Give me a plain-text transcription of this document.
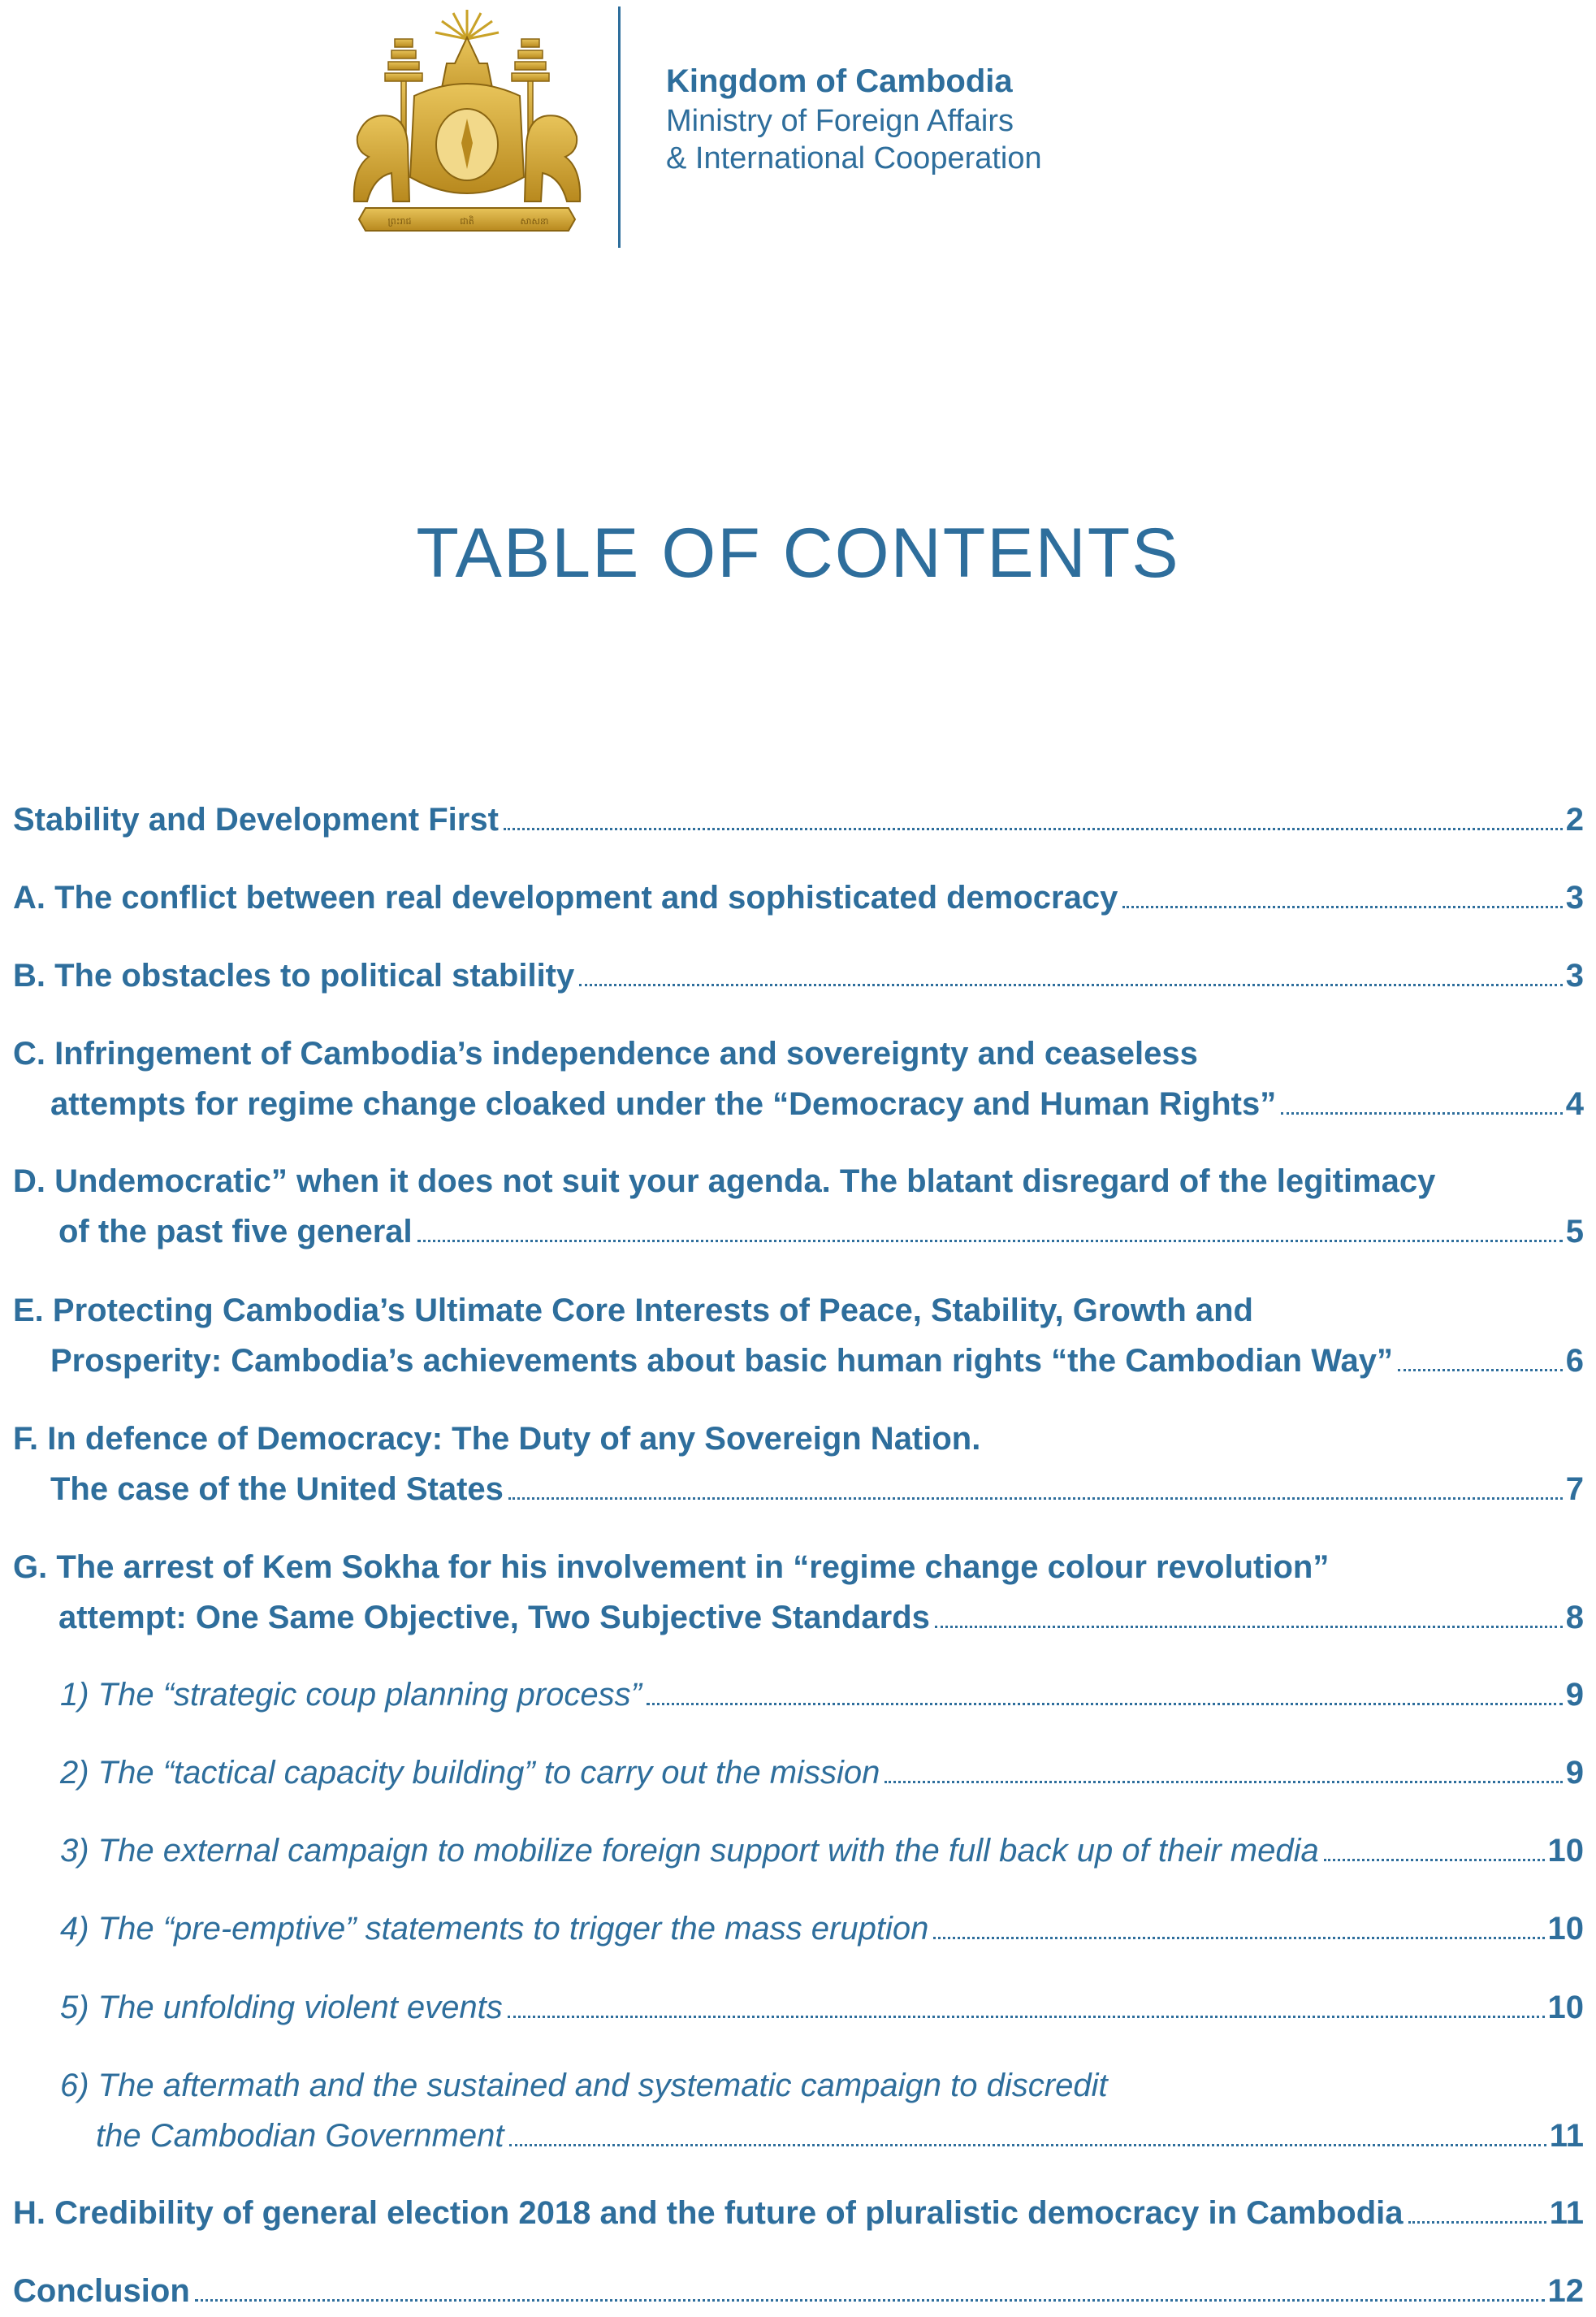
ព្រះរាជ	ជាតិ	សាសនា
Kingdom of Cambodia
Ministry of Foreign Affairs
& International Cooperation
TABLE OF CONTENTS
Stability and Development First	2
A. The conflict between real development and sophisticated democracy	3
B. The obstacles to political stability	3
C. Infringement of Cambodia’s independence and sovereignty and ceaseless
attempts for regime change cloaked under the “Democracy and Human Rights”	4
D. Undemocratic” when it does not suit your agenda. The blatant disregard of the legitimacy
of the past five general	5
E. Protecting Cambodia’s Ultimate Core Interests of Peace, Stability, Growth and
Prosperity: Cambodia’s achievements about basic human rights “the Cambodian Way”	6
F. In defence of Democracy: The Duty of any Sovereign Nation.
The case of the United States	7
G. The arrest of Kem Sokha for his involvement in “regime change colour revolution”
attempt: One Same Objective, Two Subjective Standards	8
1) The “strategic coup planning process”	9
2) The “tactical capacity building” to carry out the mission	9
3) The external campaign to mobilize foreign support with the full back up of their media	10
4) The “pre-emptive” statements to trigger the mass eruption	10
5) The unfolding violent events	10
6) The aftermath and the sustained and systematic campaign to discredit
the Cambodian Government	11
H. Credibility of general election 2018 and the future of pluralistic democracy in Cambodia	11
Conclusion	12
